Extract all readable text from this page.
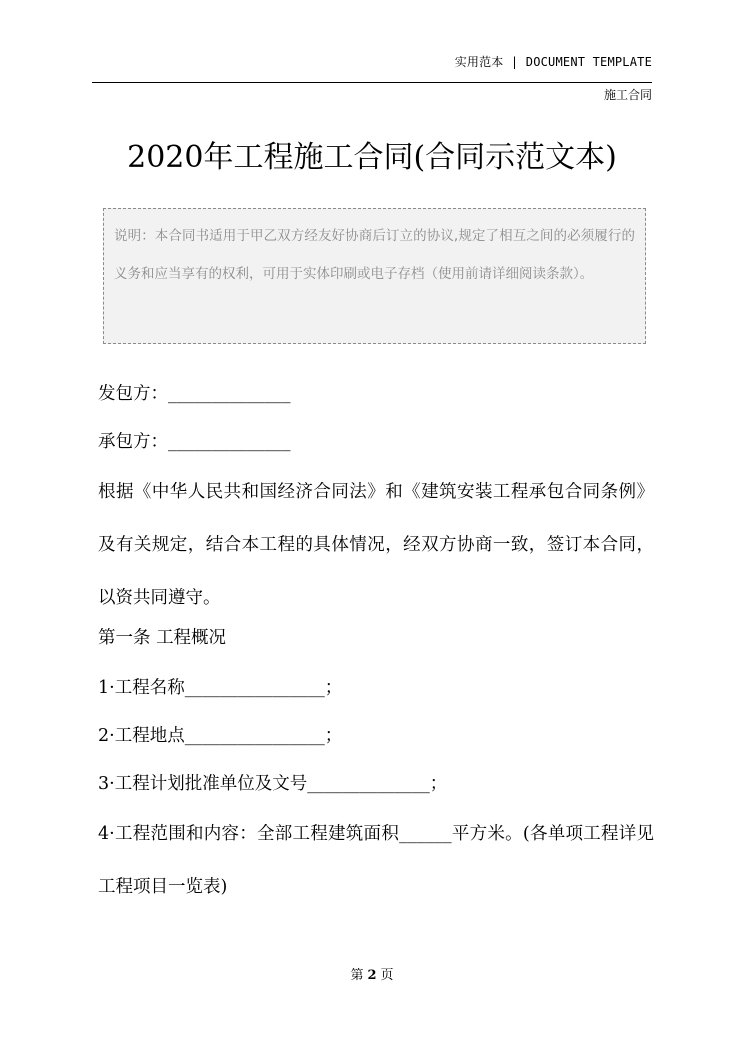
实用范本 | DOCUMENT TEMPLATE
施工合同
2020年工程施工合同(合同示范文本)

说明：本合同书适用于甲乙双方经友好协商后订立的协议,规定了相互之间的必须履行的义务和应当享有的权利，可用于实体印刷或电子存档（使用前请详细阅读条款）。

发包方：______________
承包方：______________

根据《中华人民共和国经济合同法》和《建筑安装工程承包合同条例》及有关规定，结合本工程的具体情况，经双方协商一致，签订本合同，以资共同遵守。

第一条 工程概况
1·工程名称________________；
2·工程地点________________；
3·工程计划批准单位及文号______________；

4·工程范围和内容：全部工程建筑面积______平方米。(各单项工程详见工程项目一览表)

第 2 页
